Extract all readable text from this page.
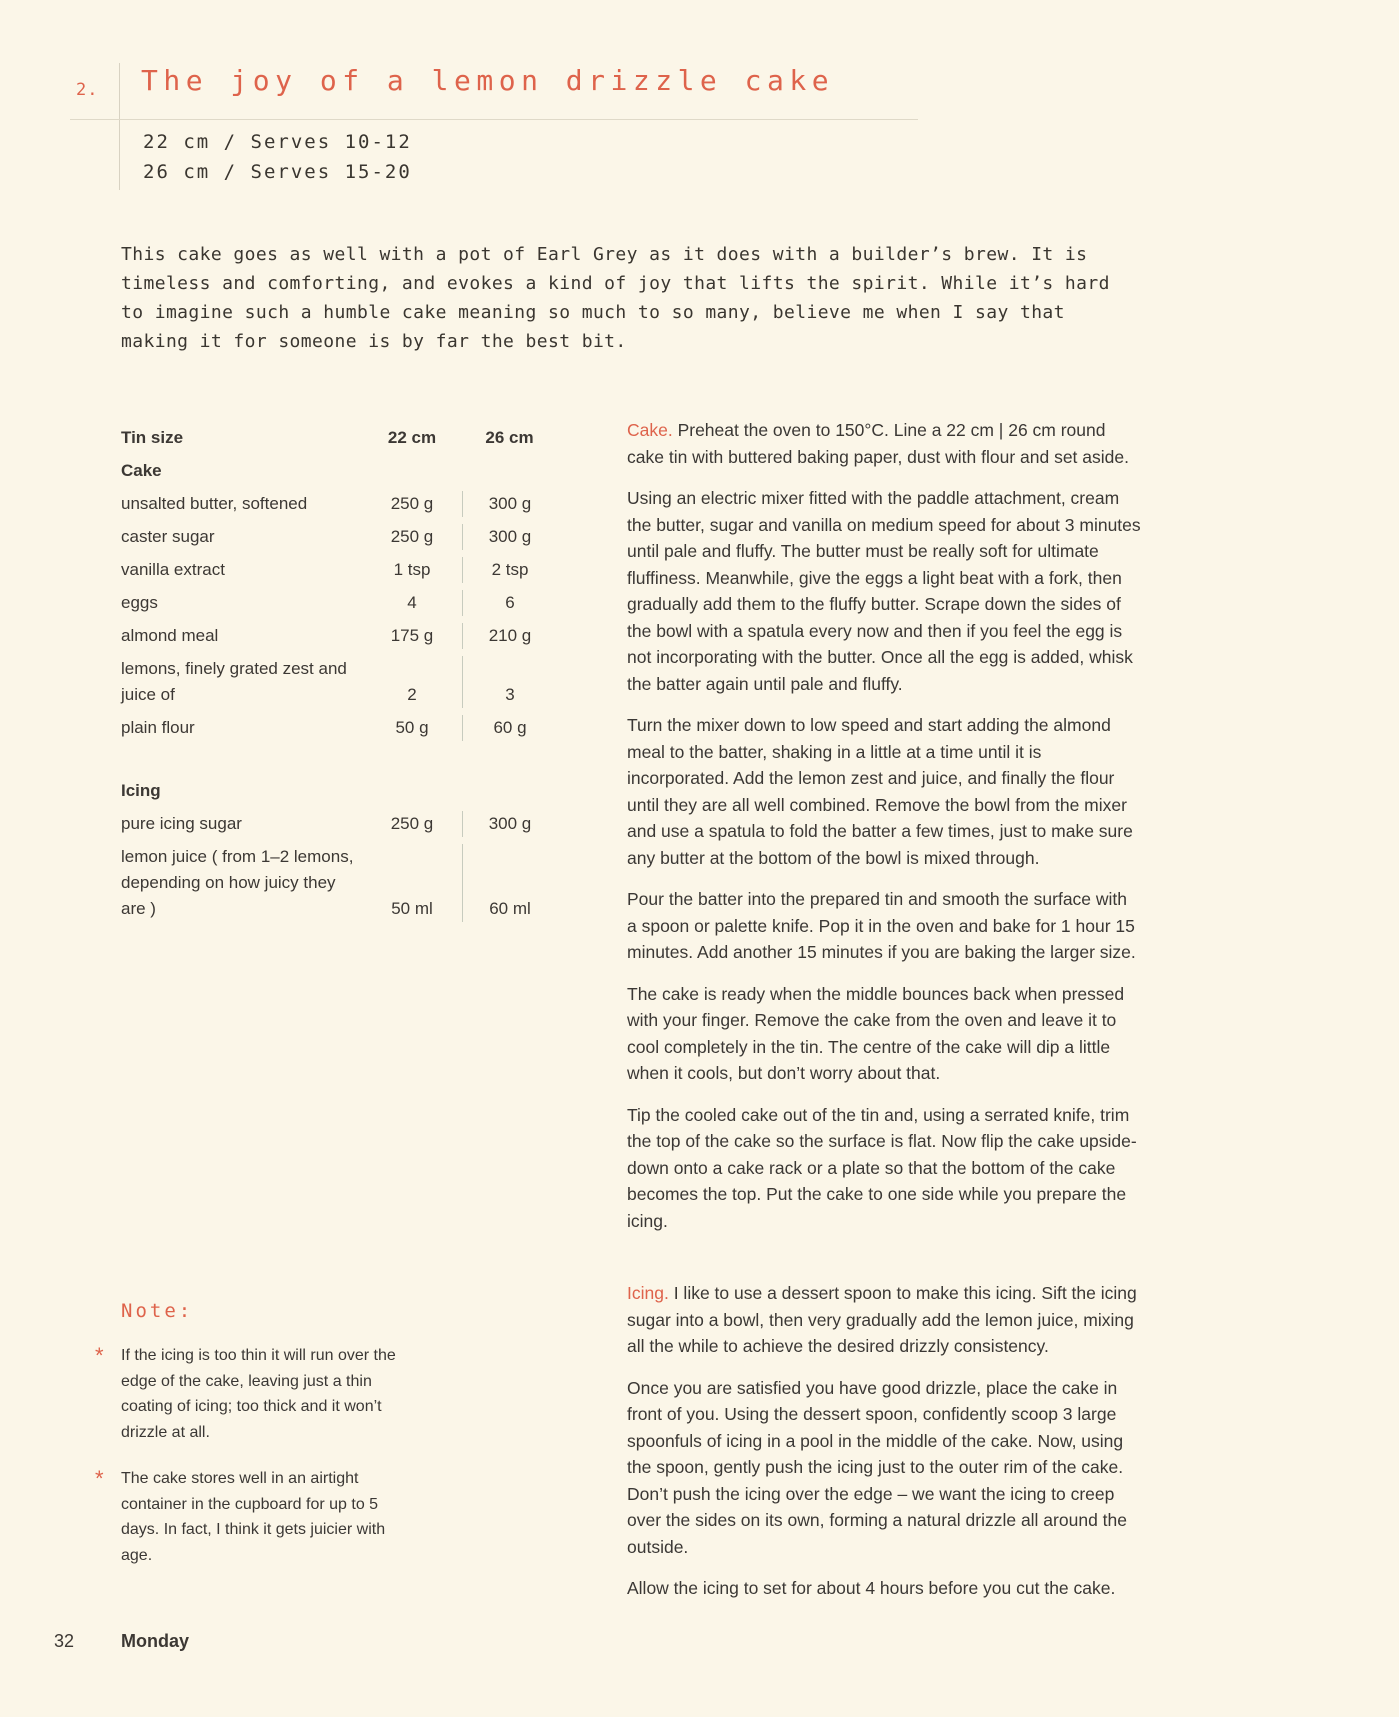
2. The joy of a lemon drizzle cake
22 cm / Serves 10-12
26 cm / Serves 15-20

This cake goes as well with a pot of Earl Grey as it does with a builder’s brew. It is timeless and comforting, and evokes a kind of joy that lifts the spirit. While it’s hard to imagine such a humble cake meaning so much to so many, believe me when I say that making it for someone is by far the best bit.

Tin size	22 cm	26 cm
Cake
unsalted butter, softened	250 g	300 g
caster sugar	250 g	300 g
vanilla extract	1 tsp	2 tsp
eggs	4	6
almond meal	175 g	210 g
lemons, finely grated zest and juice of	2	3
plain flour	50 g	60 g
Icing
pure icing sugar	250 g	300 g
lemon juice ( from 1–2 lemons, depending on how juicy they are )	50 ml	60 ml

Cake. Preheat the oven to 150°C. Line a 22 cm | 26 cm round cake tin with buttered baking paper, dust with flour and set aside.

Using an electric mixer fitted with the paddle attachment, cream the butter, sugar and vanilla on medium speed for about 3 minutes until pale and fluffy. The butter must be really soft for ultimate fluffiness. Meanwhile, give the eggs a light beat with a fork, then gradually add them to the fluffy butter. Scrape down the sides of the bowl with a spatula every now and then if you feel the egg is not incorporating with the butter. Once all the egg is added, whisk the batter again until pale and fluffy.

Turn the mixer down to low speed and start adding the almond meal to the batter, shaking in a little at a time until it is incorporated. Add the lemon zest and juice, and finally the flour until they are all well combined. Remove the bowl from the mixer and use a spatula to fold the batter a few times, just to make sure any butter at the bottom of the bowl is mixed through.

Pour the batter into the prepared tin and smooth the surface with a spoon or palette knife. Pop it in the oven and bake for 1 hour 15 minutes. Add another 15 minutes if you are baking the larger size.

The cake is ready when the middle bounces back when pressed with your finger. Remove the cake from the oven and leave it to cool completely in the tin. The centre of the cake will dip a little when it cools, but don’t worry about that.

Tip the cooled cake out of the tin and, using a serrated knife, trim the top of the cake so the surface is flat. Now flip the cake upside-down onto a cake rack or a plate so that the bottom of the cake becomes the top. Put the cake to one side while you prepare the icing.

Icing. I like to use a dessert spoon to make this icing. Sift the icing sugar into a bowl, then very gradually add the lemon juice, mixing all the while to achieve the desired drizzly consistency.

Once you are satisfied you have good drizzle, place the cake in front of you. Using the dessert spoon, confidently scoop 3 large spoonfuls of icing in a pool in the middle of the cake. Now, using the spoon, gently push the icing just to the outer rim of the cake. Don’t push the icing over the edge – we want the icing to creep over the sides on its own, forming a natural drizzle all around the outside.

Allow the icing to set for about 4 hours before you cut the cake.

Note:
*	If the icing is too thin it will run over the edge of the cake, leaving just a thin coating of icing; too thick and it won’t drizzle at all.
*	The cake stores well in an airtight container in the cupboard for up to 5 days. In fact, I think it gets juicier with age.
32	Monday
